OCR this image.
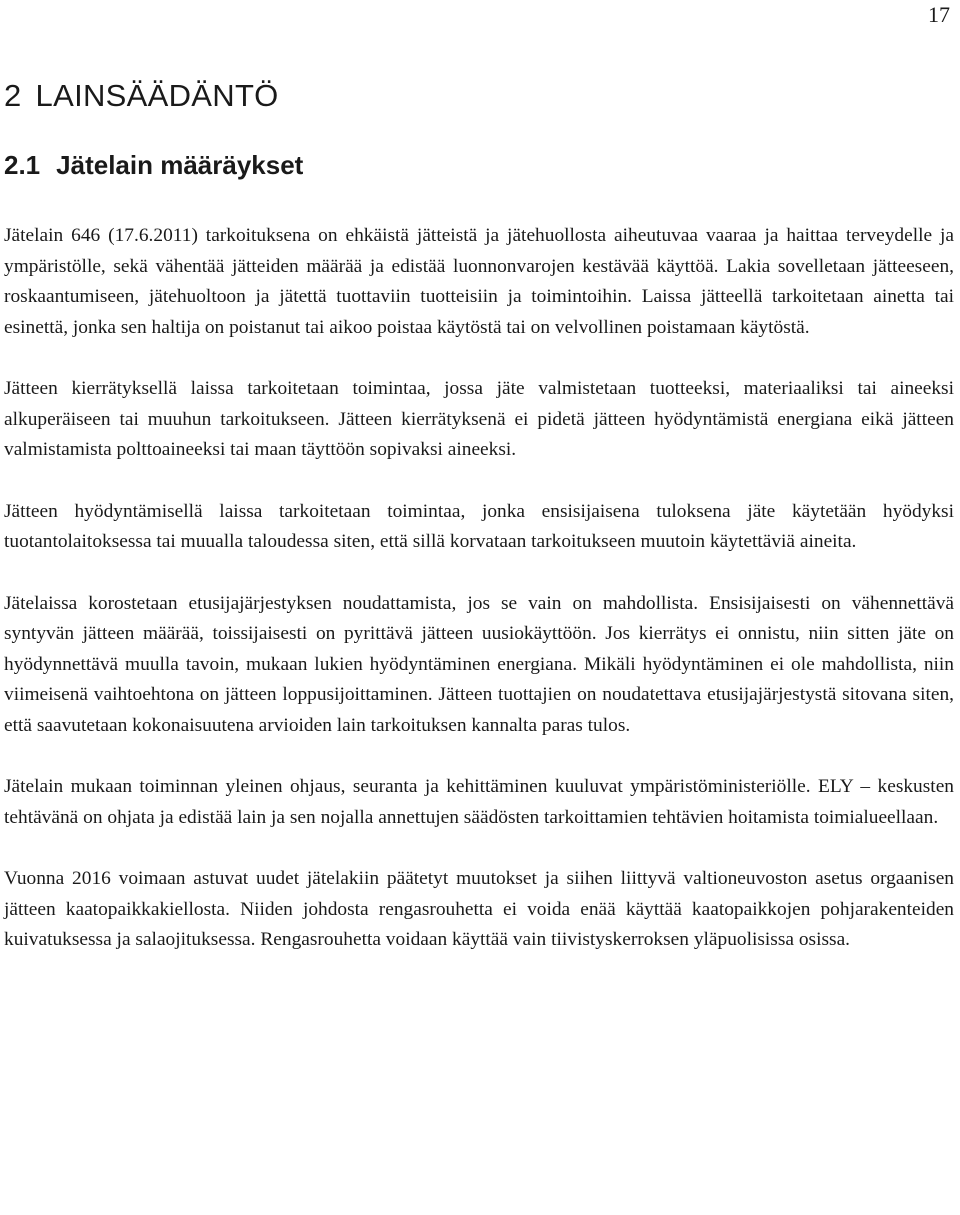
17
2 LAINSÄÄDÄNTÖ
2.1 Jätelain määräykset

Jätelain 646 (17.6.2011) tarkoituksena on ehkäistä jätteistä ja jätehuollosta aiheutuvaa vaaraa ja haittaa terveydelle ja ympäristölle, sekä vähentää jätteiden määrää ja edistää luonnonvarojen kestävää käyttöä. Lakia sovelletaan jätteeseen, roskaantumiseen, jätehuoltoon ja jätettä tuottaviin tuotteisiin ja toimintoihin. Laissa jätteellä tarkoitetaan ainetta tai esinettä, jonka sen haltija on poistanut tai aikoo poistaa käytöstä tai on velvollinen poistamaan käytöstä.

Jätteen kierrätyksellä laissa tarkoitetaan toimintaa, jossa jäte valmistetaan tuotteeksi, materiaaliksi tai aineeksi alkuperäiseen tai muuhun tarkoitukseen. Jätteen kierrätyksenä ei pidetä jätteen hyödyntämistä energiana eikä jätteen valmistamista polttoaineeksi tai maan täyttöön sopivaksi aineeksi.

Jätteen hyödyntämisellä laissa tarkoitetaan toimintaa, jonka ensisijaisena tuloksena jäte käytetään hyödyksi tuotantolaitoksessa tai muualla taloudessa siten, että sillä korvataan tarkoitukseen muutoin käytettäviä aineita.

Jätelaissa korostetaan etusijajärjestyksen noudattamista, jos se vain on mahdollista. Ensisijaisesti on vähennettävä syntyvän jätteen määrää, toissijaisesti on pyrittävä jätteen uusiokäyttöön. Jos kierrätys ei onnistu, niin sitten jäte on hyödynnettävä muulla tavoin, mukaan lukien hyödyntäminen energiana. Mikäli hyödyntäminen ei ole mahdollista, niin viimeisenä vaihtoehtona on jätteen loppusijoittaminen. Jätteen tuottajien on noudatettava etusijajärjestystä sitovana siten, että saavutetaan kokonaisuutena arvioiden lain tarkoituksen kannalta paras tulos.

Jätelain mukaan toiminnan yleinen ohjaus, seuranta ja kehittäminen kuuluvat ympäristöministeriölle. ELY – keskusten tehtävänä on ohjata ja edistää lain ja sen nojalla annettujen säädösten tarkoittamien tehtävien hoitamista toimialueellaan.

Vuonna 2016 voimaan astuvat uudet jätelakiin päätetyt muutokset ja siihen liittyvä valtioneuvoston asetus orgaanisen jätteen kaatopaikkakiellosta. Niiden johdosta rengasrouhetta ei voida enää käyttää kaatopaikkojen pohjarakenteiden kuivatuksessa ja salaojituksessa. Rengasrouhetta voidaan käyttää vain tiivistyskerroksen yläpuolisissa osissa.
